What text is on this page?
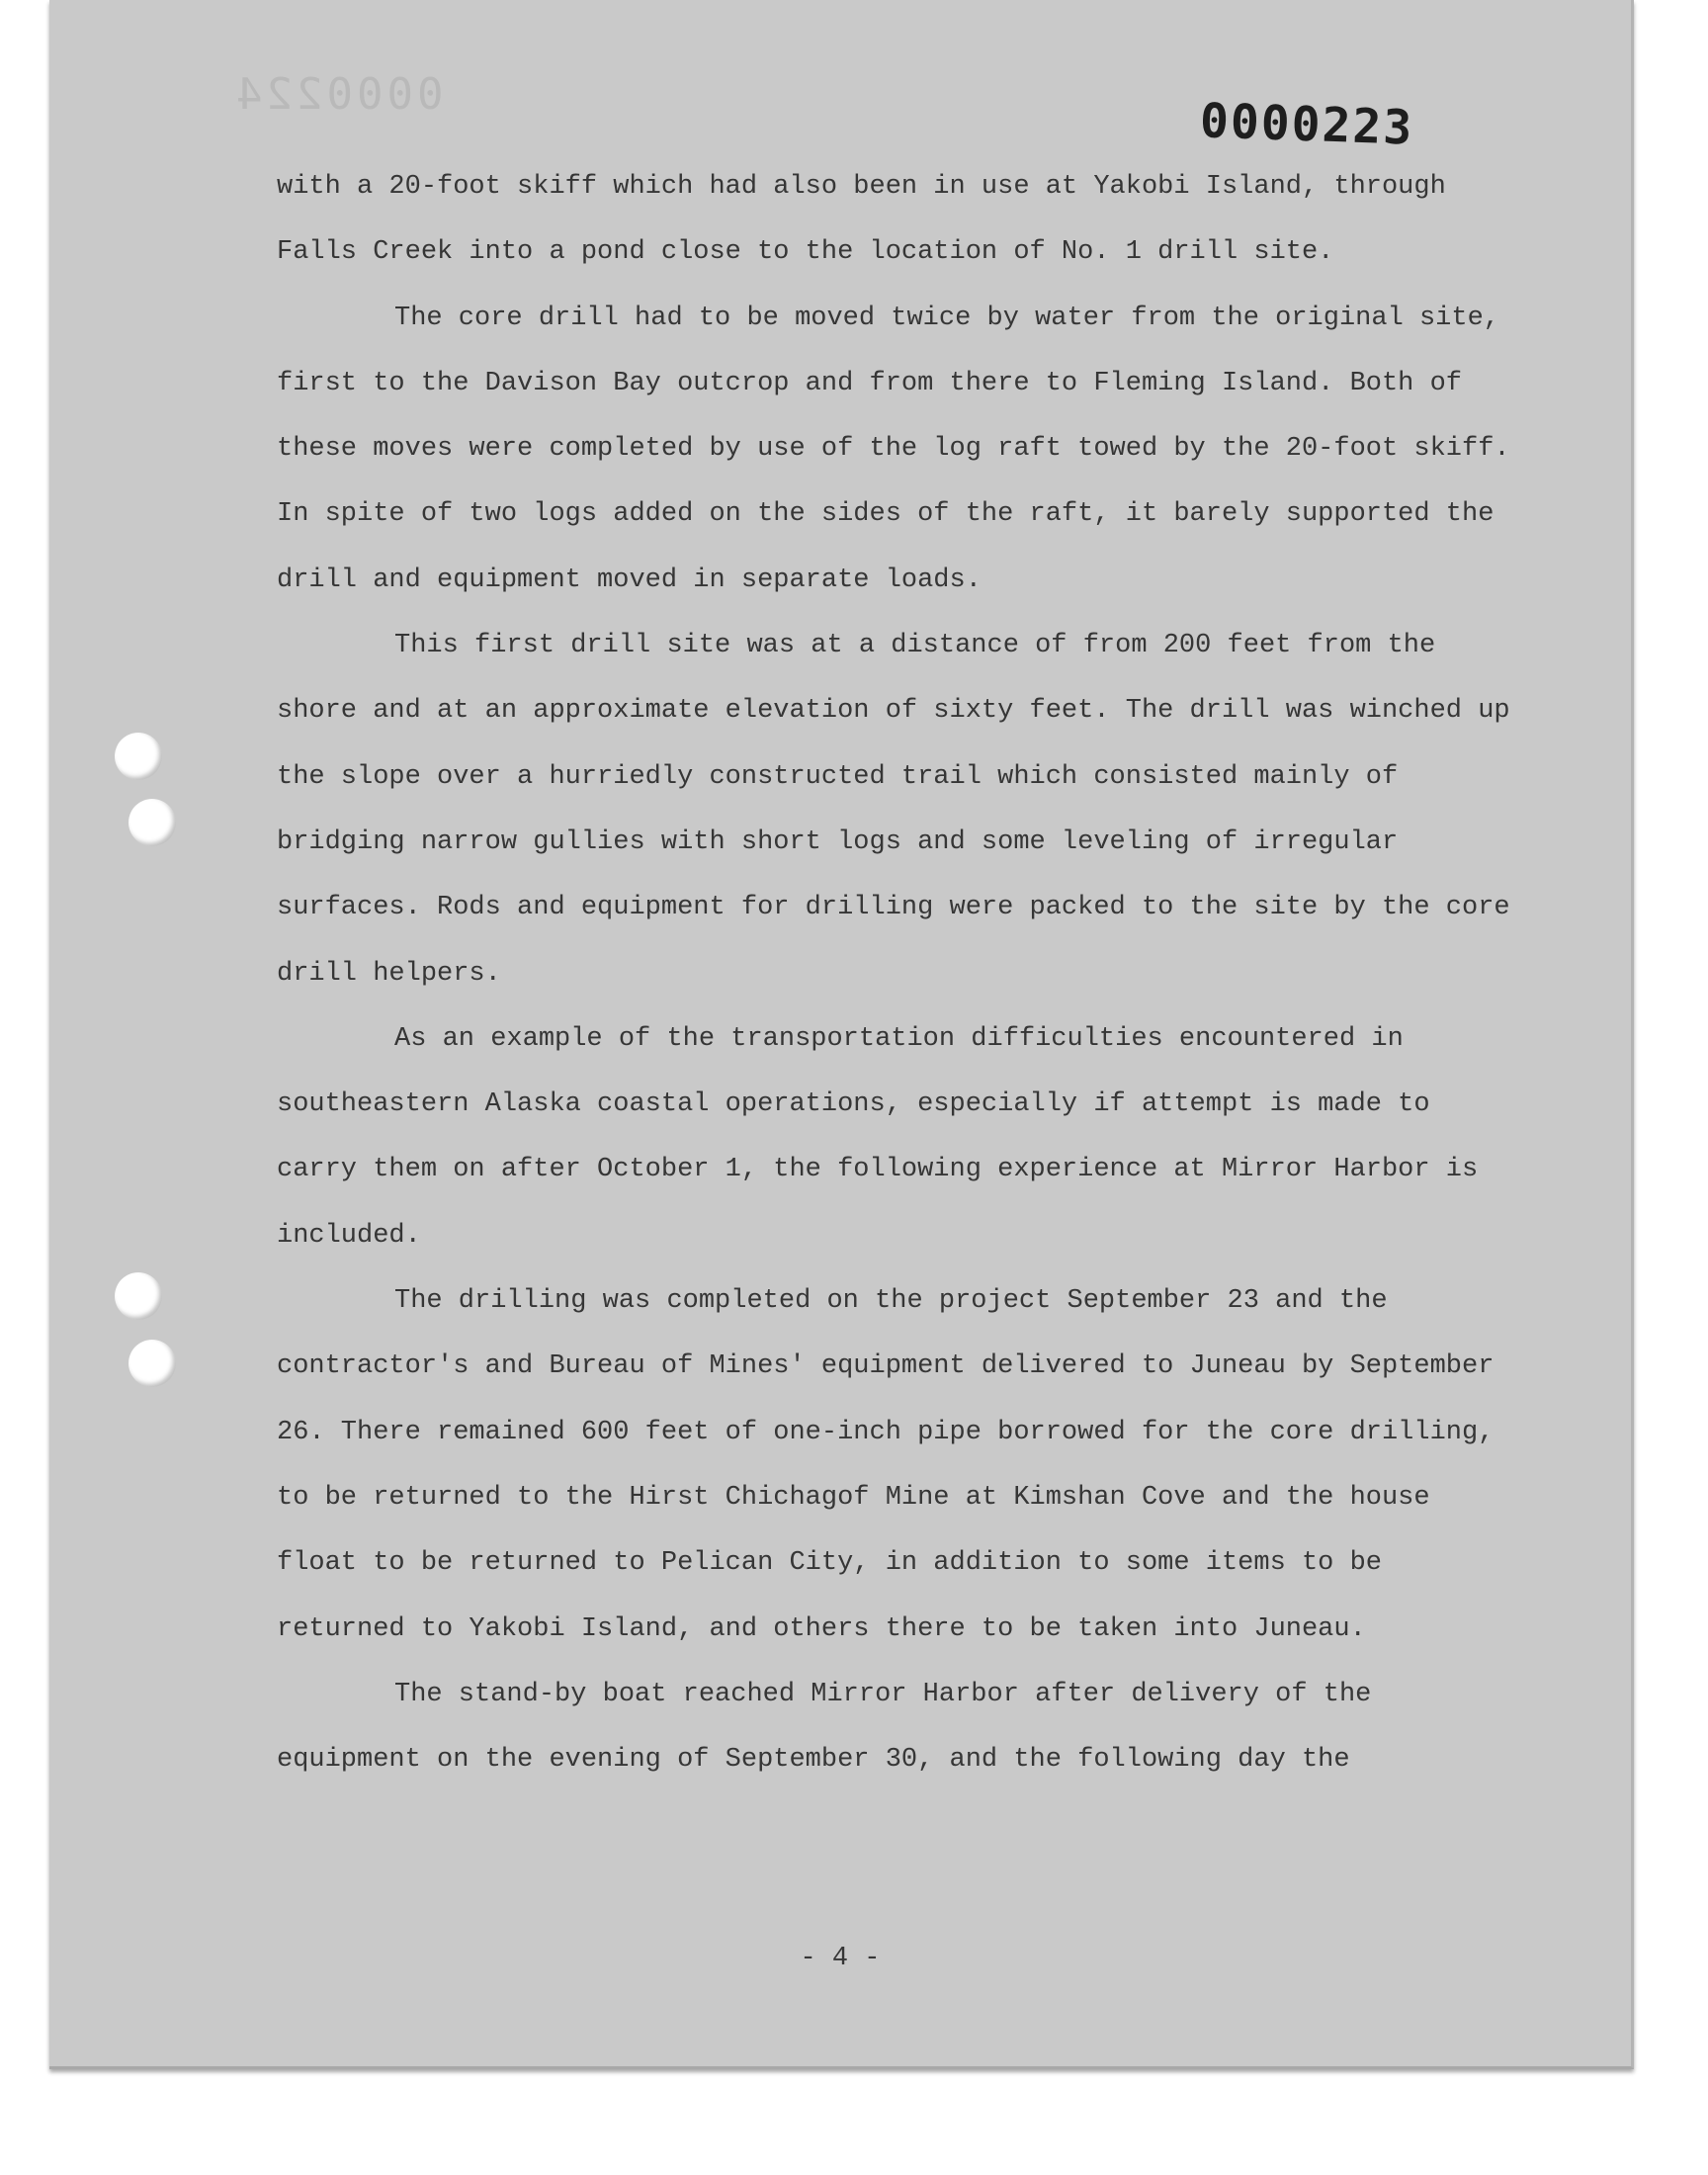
0000224	0000223

with a 20-foot skiff which had also been in use at Yakobi Island, through Falls Creek into a pond close to the location of No. 1 drill site.

The core drill had to be moved twice by water from the original site, first to the Davison Bay outcrop and from there to Fleming Island. Both of these moves were completed by use of the log raft towed by the 20-foot skiff. In spite of two logs added on the sides of the raft, it barely supported the drill and equipment moved in separate loads.

This first drill site was at a distance of from 200 feet from the shore and at an approximate elevation of sixty feet. The drill was winched up the slope over a hurriedly constructed trail which consisted mainly of bridging narrow gullies with short logs and some leveling of irregular surfaces. Rods and equipment for drilling were packed to the site by the core drill helpers.

As an example of the transportation difficulties encountered in southeastern Alaska coastal operations, especially if attempt is made to carry them on after October 1, the following experience at Mirror Harbor is included.

The drilling was completed on the project September 23 and the contractor's and Bureau of Mines' equipment delivered to Juneau by September 26. There remained 600 feet of one-inch pipe borrowed for the core drilling, to be returned to the Hirst Chichagof Mine at Kimshan Cove and the house float to be returned to Pelican City, in addition to some items to be returned to Yakobi Island, and others there to be taken into Juneau.

The stand-by boat reached Mirror Harbor after delivery of the equipment on the evening of September 30, and the following day the

- 4 -
